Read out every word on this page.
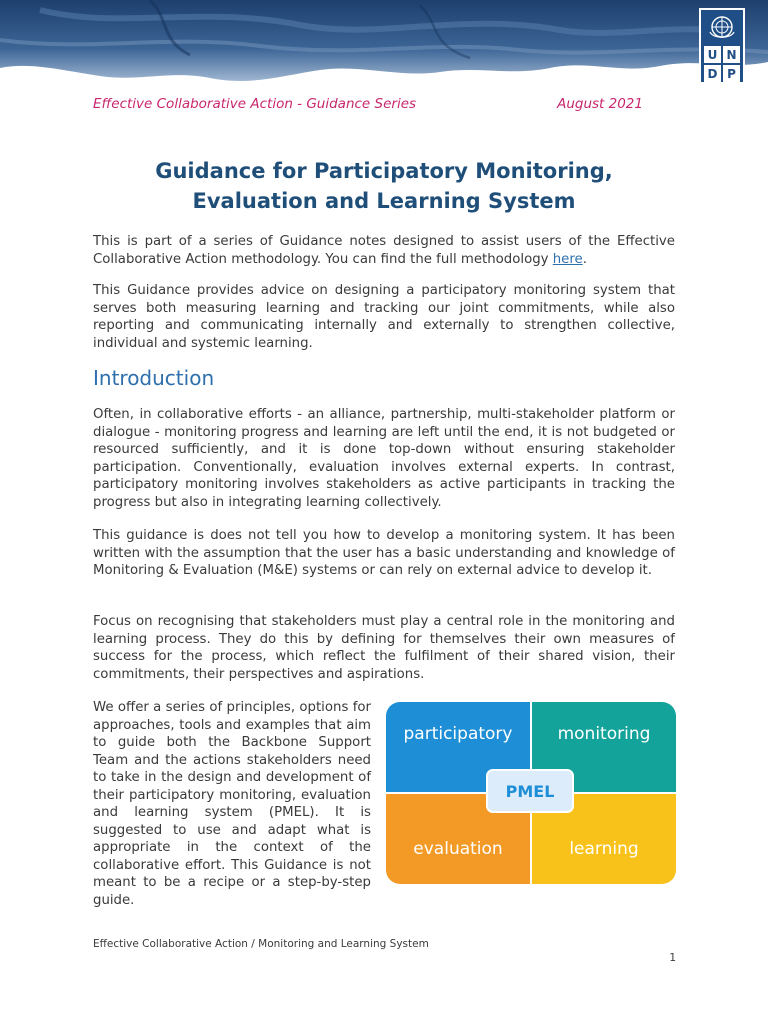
U N
D P
Effective Collaborative Action - Guidance Series	August 2021
Guidance for Participatory Monitoring,
Evaluation and Learning System

This is part of a series of Guidance notes designed to assist users of the Effective Collaborative Action methodology. You can find the full methodology here.

This Guidance provides advice on designing a participatory monitoring system that serves both measuring learning and tracking our joint commitments, while also reporting and communicating internally and externally to strengthen collective, individual and systemic learning.

Introduction

Often, in collaborative efforts - an alliance, partnership, multi-stakeholder platform or dialogue - monitoring progress and learning are left until the end, it is not budgeted or resourced sufficiently, and it is done top-down without ensuring stakeholder participation. Conventionally, evaluation involves external experts. In contrast, participatory monitoring involves stakeholders as active participants in tracking the progress but also in integrating learning collectively.

This guidance is does not tell you how to develop a monitoring system. It has been written with the assumption that the user has a basic understanding and knowledge of Monitoring & Evaluation (M&E) systems or can rely on external advice to develop it.

Focus on recognising that stakeholders must play a central role in the monitoring and learning process. They do this by defining for themselves their own measures of success for the process, which reflect the fulfilment of their shared vision, their commitments, their perspectives and aspirations.

We offer a series of principles, options for approaches, tools and examples that aim to guide both the Backbone Support Team and the actions stakeholders need to take in the design and development of their participatory monitoring, evaluation and learning system (PMEL). It is suggested to use and adapt what is appropriate in the context of the collaborative effort. This Guidance is not meant to be a recipe or a step-by-step guide.

participatory	monitoring
evaluation	learning
PMEL
Effective Collaborative Action / Monitoring and Learning System
1
